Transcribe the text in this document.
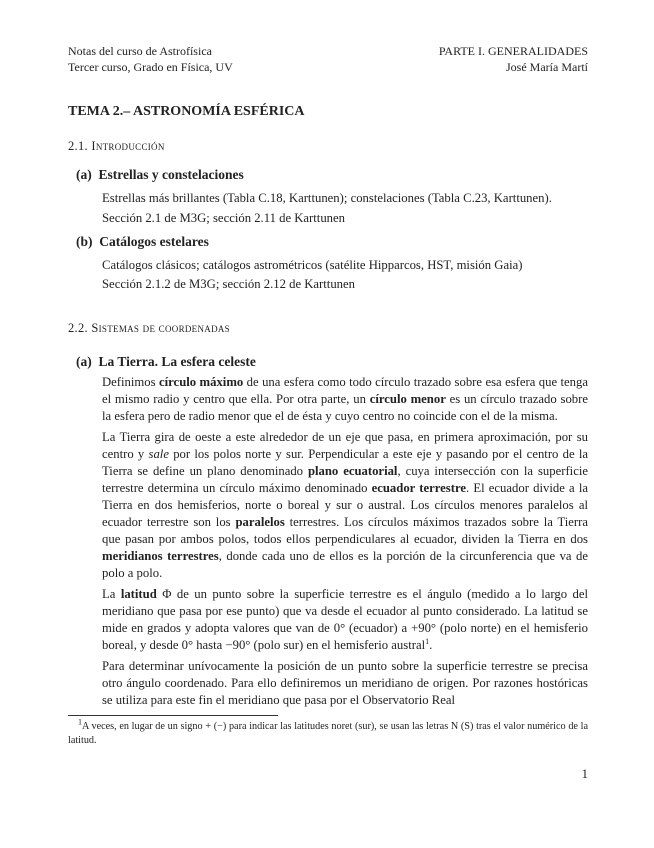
Notas del curso de Astrofísica
Tercer curso, Grado en Física, UV
PARTE I. GENERALIDADES
José María Martí
TEMA 2.– ASTRONOMÍA ESFÉRICA
2.1. Introducción
(a) Estrellas y constelaciones
Estrellas más brillantes (Tabla C.18, Karttunen); constelaciones (Tabla C.23, Karttunen).
Sección 2.1 de M3G; sección 2.11 de Karttunen
(b) Catálogos estelares
Catálogos clásicos; catálogos astrométricos (satélite Hipparcos, HST, misión Gaia)
Sección 2.1.2 de M3G; sección 2.12 de Karttunen
2.2. Sistemas de coordenadas
(a) La Tierra. La esfera celeste
Definimos círculo máximo de una esfera como todo círculo trazado sobre esa esfera que tenga el mismo radio y centro que ella. Por otra parte, un círculo menor es un círculo trazado sobre la esfera pero de radio menor que el de ésta y cuyo centro no coincide con el de la misma.
La Tierra gira de oeste a este alrededor de un eje que pasa, en primera aproximación, por su centro y sale por los polos norte y sur. Perpendicular a este eje y pasando por el centro de la Tierra se define un plano denominado plano ecuatorial, cuya intersección con la superficie terrestre determina un círculo máximo denominado ecuador terrestre. El ecuador divide a la Tierra en dos hemisferios, norte o boreal y sur o austral. Los círculos menores paralelos al ecuador terrestre son los paralelos terrestres. Los círculos máximos trazados sobre la Tierra que pasan por ambos polos, todos ellos perpendiculares al ecuador, dividen la Tierra en dos meridianos terrestres, donde cada uno de ellos es la porción de la circunferencia que va de polo a polo.
La latitud Φ de un punto sobre la superficie terrestre es el ángulo (medido a lo largo del meridiano que pasa por ese punto) que va desde el ecuador al punto considerado. La latitud se mide en grados y adopta valores que van de 0° (ecuador) a +90° (polo norte) en el hemisferio boreal, y desde 0° hasta −90° (polo sur) en el hemisferio austral$^1$.
Para determinar unívocamente la posición de un punto sobre la superficie terrestre se precisa otro ángulo coordenado. Para ello definiremos un meridiano de origen. Por razones hostóricas se utiliza para este fin el meridiano que pasa por el Observatorio Real
$^1$A veces, en lugar de un signo + (−) para indicar las latitudes noret (sur), se usan las letras N (S) tras el valor numérico de la latitud.
1
